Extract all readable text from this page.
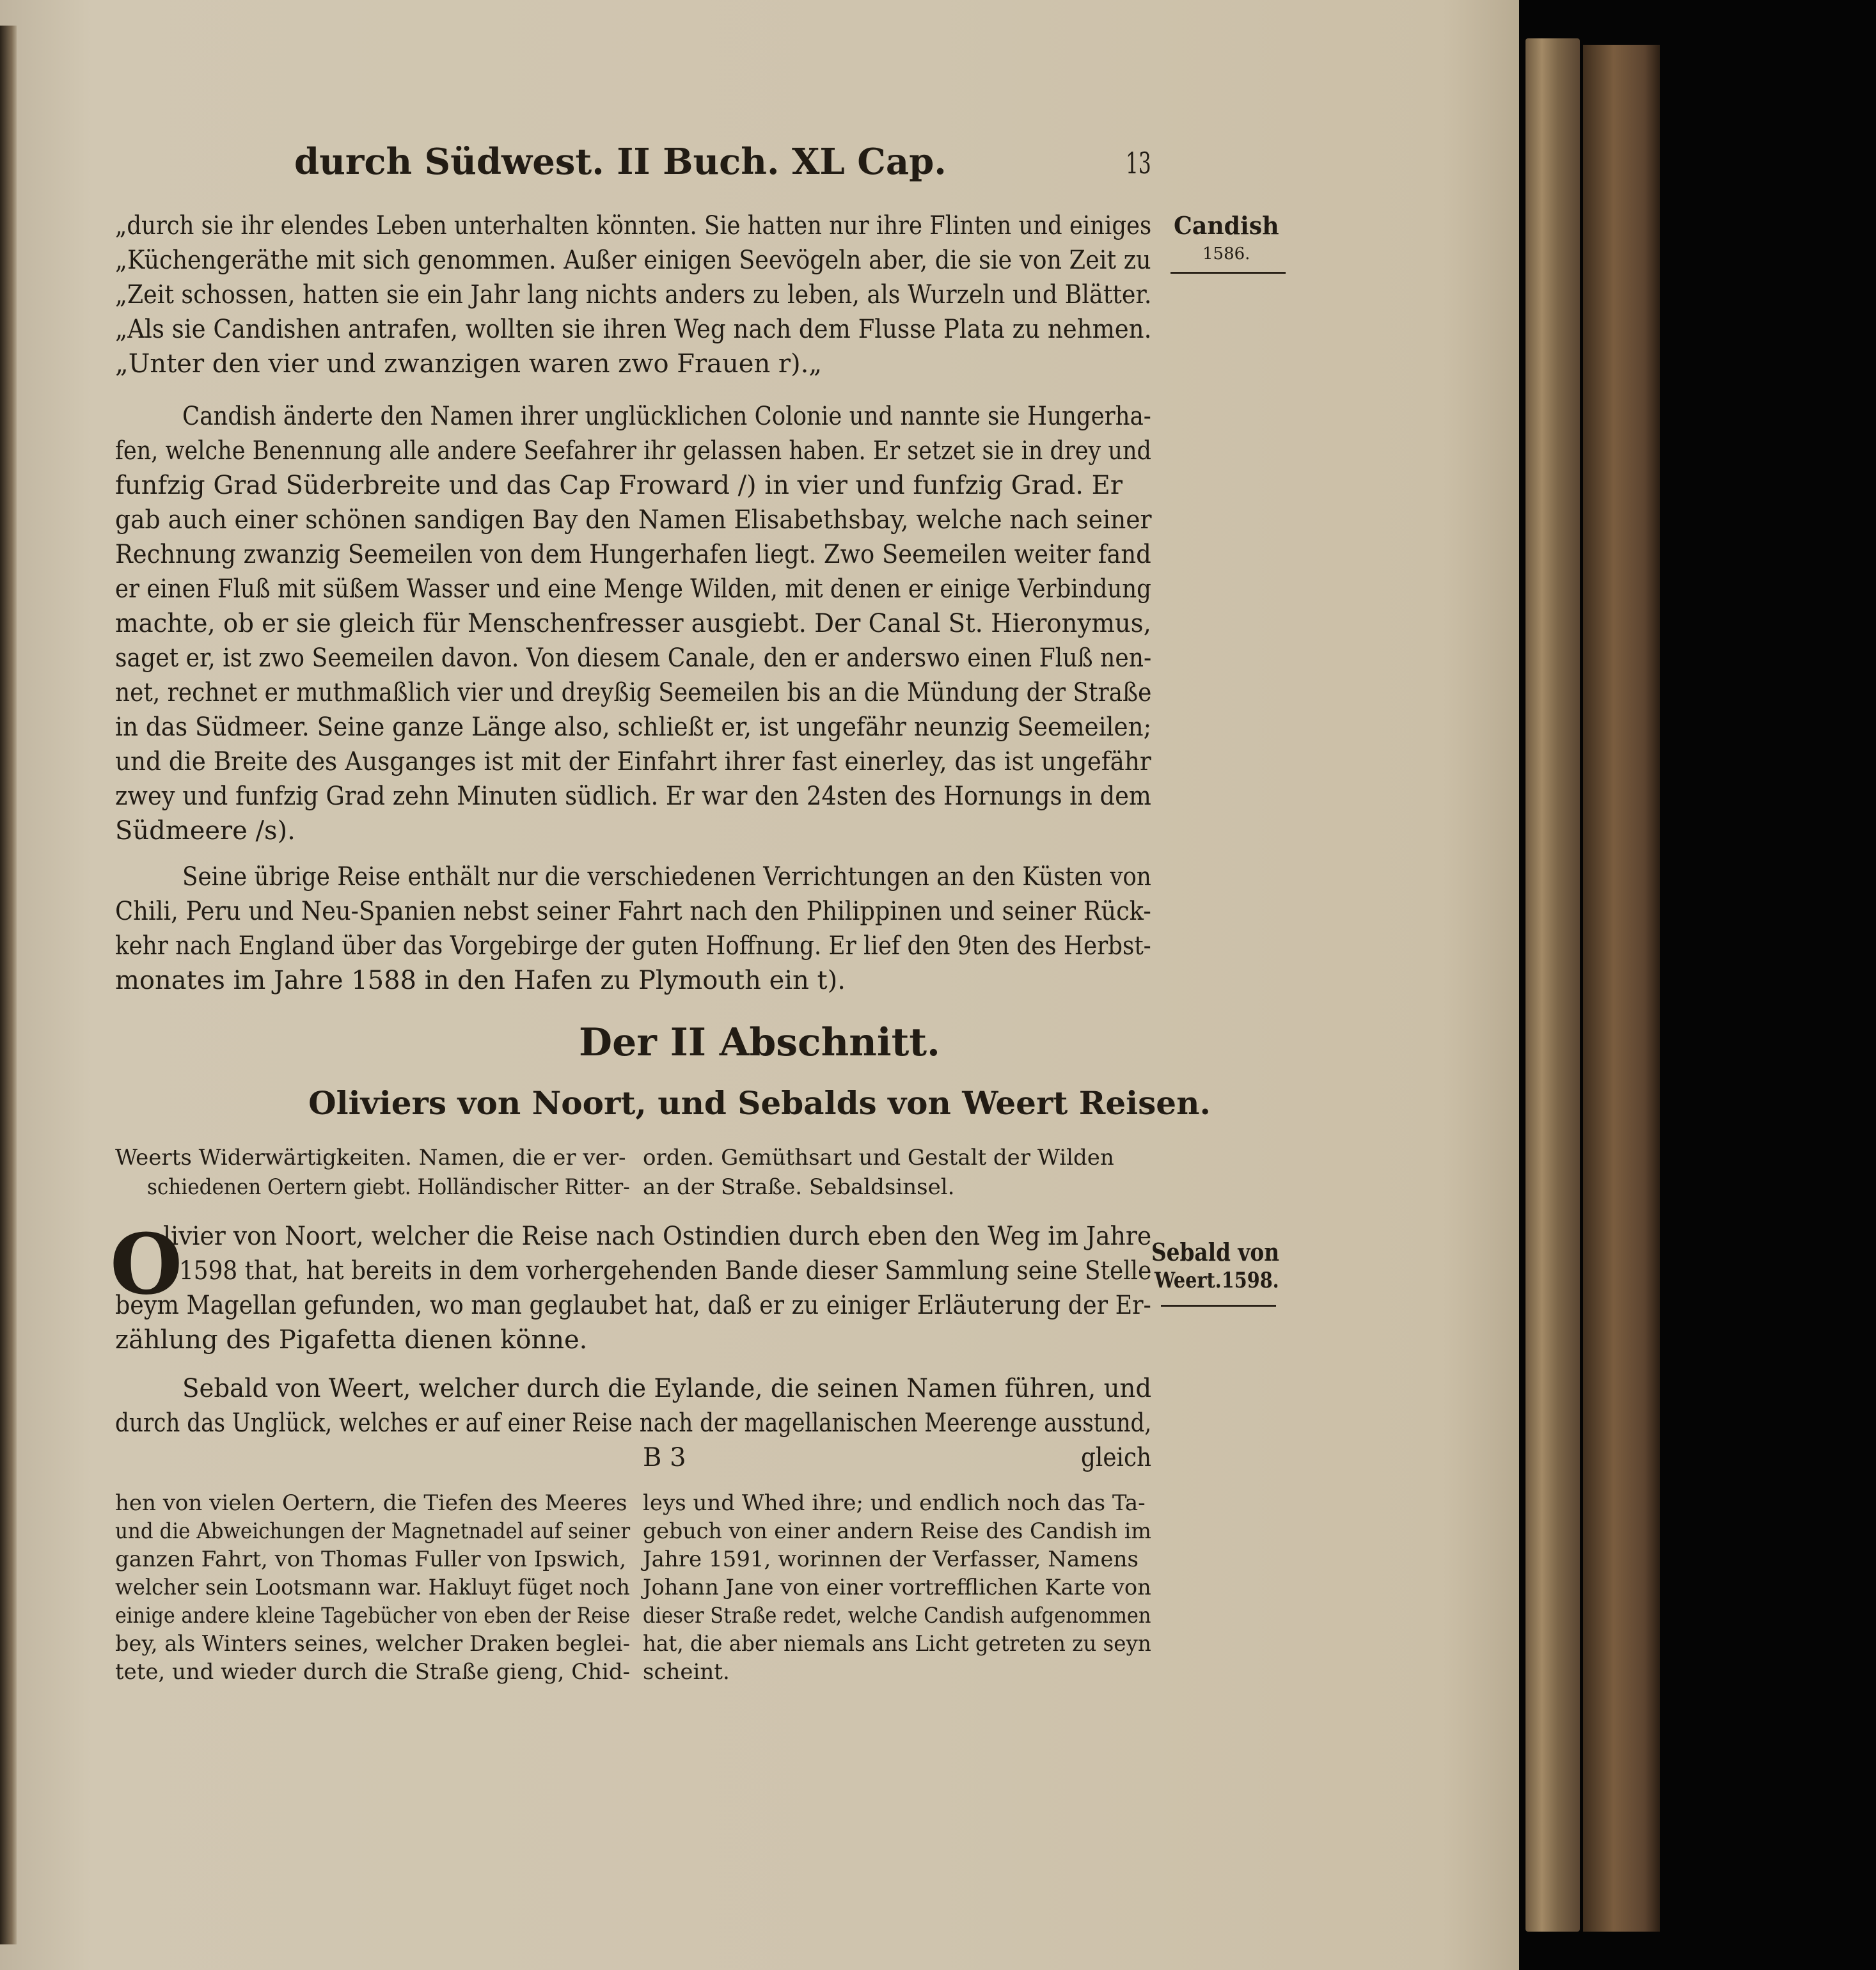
durch Südwest. II Buch. XL Cap.	13
Candish
1586.
„durch sie ihr elendes Leben unterhalten könnten. Sie hatten nur ihre Flinten und einiges
„Küchengeräthe mit sich genommen. Außer einigen Seevögeln aber, die sie von Zeit zu
„Zeit schossen, hatten sie ein Jahr lang nichts anders zu leben, als Wurzeln und Blätter.
„Als sie Candishen antrafen, wollten sie ihren Weg nach dem Flusse Plata zu nehmen.
„Unter den vier und zwanzigen waren zwo Frauen r).„
Candish änderte den Namen ihrer unglücklichen Colonie und nannte sie Hungerha-
fen, welche Benennung alle andere Seefahrer ihr gelassen haben. Er setzet sie in drey und
funfzig Grad Süderbreite und das Cap Froward /) in vier und funfzig Grad. Er
gab auch einer schönen sandigen Bay den Namen Elisabethsbay, welche nach seiner
Rechnung zwanzig Seemeilen von dem Hungerhafen liegt. Zwo Seemeilen weiter fand
er einen Fluß mit süßem Wasser und eine Menge Wilden, mit denen er einige Verbindung
machte, ob er sie gleich für Menschenfresser ausgiebt. Der Canal St. Hieronymus,
saget er, ist zwo Seemeilen davon. Von diesem Canale, den er anderswo einen Fluß nen-
net, rechnet er muthmaßlich vier und dreyßig Seemeilen bis an die Mündung der Straße
in das Südmeer. Seine ganze Länge also, schließt er, ist ungefähr neunzig Seemeilen;
und die Breite des Ausganges ist mit der Einfahrt ihrer fast einerley, das ist ungefähr
zwey und funfzig Grad zehn Minuten südlich. Er war den 24sten des Hornungs in dem
Südmeere /s).
Seine übrige Reise enthält nur die verschiedenen Verrichtungen an den Küsten von
Chili, Peru und Neu-Spanien nebst seiner Fahrt nach den Philippinen und seiner Rück-
kehr nach England über das Vorgebirge der guten Hoffnung. Er lief den 9ten des Herbst-
monates im Jahre 1588 in den Hafen zu Plymouth ein t).
Der II Abschnitt.
Oliviers von Noort, und Sebalds von Weert Reisen.
Weerts Widerwärtigkeiten. Namen, die er ver-
schiedenen Oertern giebt. Holländischer Ritter-
orden. Gemüthsart und Gestalt der Wilden
an der Straße. Sebaldsinsel.
O
livier von Noort, welcher die Reise nach Ostindien durch eben den Weg im Jahre
1598 that, hat bereits in dem vorhergehenden Bande dieser Sammlung seine Stelle
beym Magellan gefunden, wo man geglaubet hat, daß er zu einiger Erläuterung der Er-
zählung des Pigafetta dienen könne.
Sebald von
Weert.1598.
Sebald von Weert, welcher durch die Eylande, die seinen Namen führen, und
durch das Unglück, welches er auf einer Reise nach der magellanischen Meerenge ausstund,
B 3	gleich
hen von vielen Oertern, die Tiefen des Meeres
und die Abweichungen der Magnetnadel auf seiner
ganzen Fahrt, von Thomas Fuller von Ipswich,
welcher sein Lootsmann war. Hakluyt füget noch
einige andere kleine Tagebücher von eben der Reise
bey, als Winters seines, welcher Draken beglei-
tete, und wieder durch die Straße gieng, Chid-
leys und Whed ihre; und endlich noch das Ta-
gebuch von einer andern Reise des Candish im
Jahre 1591, worinnen der Verfasser, Namens
Johann Jane von einer vortrefflichen Karte von
dieser Straße redet, welche Candish aufgenommen
hat, die aber niemals ans Licht getreten zu seyn
scheint.
